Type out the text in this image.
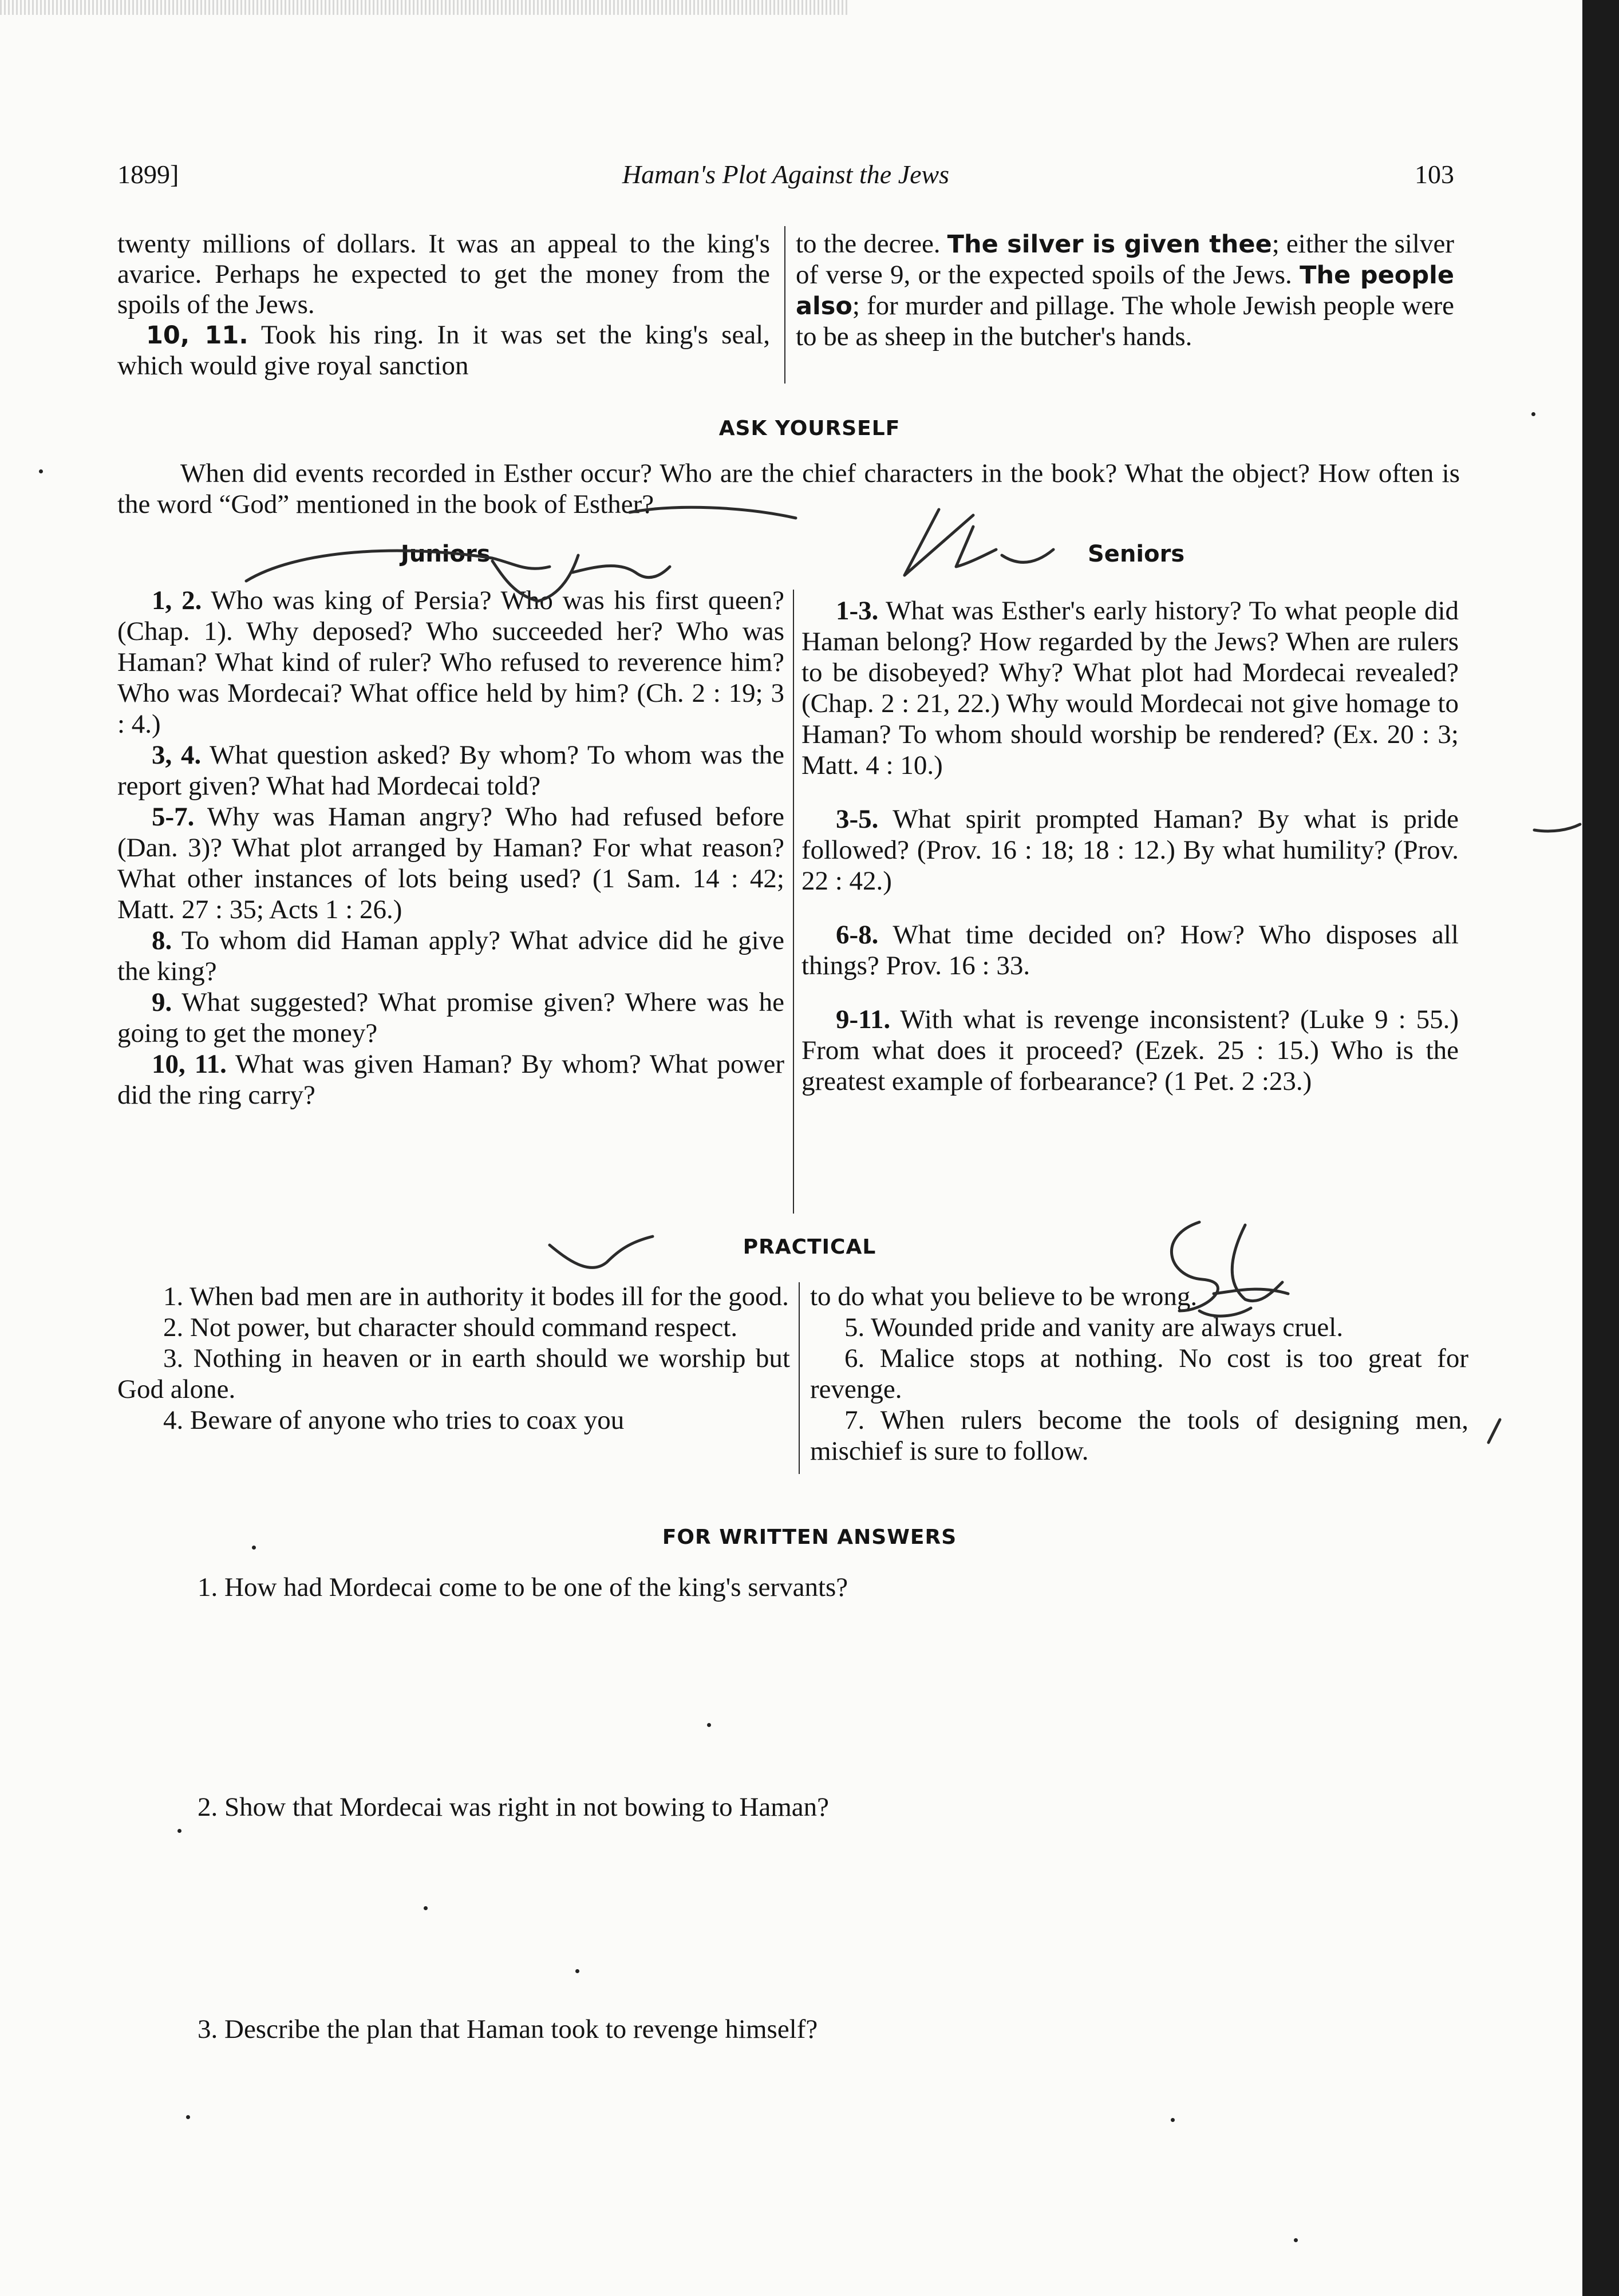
1899]	Haman's Plot Against the Jews	103

twenty millions of dollars. It was an appeal to the king's avarice. Perhaps he expected to get the money from the spoils of the Jews.

10, 11. Took his ring. In it was set the king's seal, which would give royal sanction

to the decree. The silver is given thee; either the silver of verse 9, or the expected spoils of the Jews. The people also; for murder and pillage. The whole Jewish people were to be as sheep in the butcher's hands.

ASK YOURSELF

When did events recorded in Esther occur? Who are the chief characters in the book? What the object? How often is the word “God” mentioned in the book of Esther?

Juniors	Seniors

1, 2. Who was king of Persia? Who was his first queen? (Chap. 1). Why deposed? Who succeeded her? Who was Haman? What kind of ruler? Who refused to reverence him? Who was Mordecai? What office held by him? (Ch. 2 : 19; 3 : 4.)

3, 4. What question asked? By whom? To whom was the report given? What had Mordecai told?

5-7. Why was Haman angry? Who had refused before (Dan. 3)? What plot arranged by Haman? For what reason? What other instances of lots being used? (1 Sam. 14 : 42; Matt. 27 : 35; Acts 1 : 26.)

8. To whom did Haman apply? What advice did he give the king?

9. What suggested? What promise given? Where was he going to get the money?

10, 11. What was given Haman? By whom? What power did the ring carry?

1-3. What was Esther's early history? To what people did Haman belong? How regarded by the Jews? When are rulers to be disobeyed? Why? What plot had Mordecai revealed? (Chap. 2 : 21, 22.) Why would Mordecai not give homage to Haman? To whom should worship be rendered? (Ex. 20 : 3; Matt. 4 : 10.)

3-5. What spirit prompted Haman? By what is pride followed? (Prov. 16 : 18; 18 : 12.) By what humility? (Prov. 22 : 42.)

6-8. What time decided on? How? Who disposes all things? Prov. 16 : 33.

9-11. With what is revenge inconsistent? (Luke 9 : 55.) From what does it proceed? (Ezek. 25 : 15.) Who is the greatest example of forbearance? (1 Pet. 2 :23.)

PRACTICAL

1. When bad men are in authority it bodes ill for the good.

2. Not power, but character should command respect.

3. Nothing in heaven or in earth should we worship but God alone.

4. Beware of anyone who tries to coax you

to do what you believe to be wrong.

5. Wounded pride and vanity are always cruel.

6. Malice stops at nothing. No cost is too great for revenge.

7. When rulers become the tools of designing men, mischief is sure to follow.

FOR WRITTEN ANSWERS
1. How had Mordecai come to be one of the king's servants?
2. Show that Mordecai was right in not bowing to Haman?
3. Describe the plan that Haman took to revenge himself?
